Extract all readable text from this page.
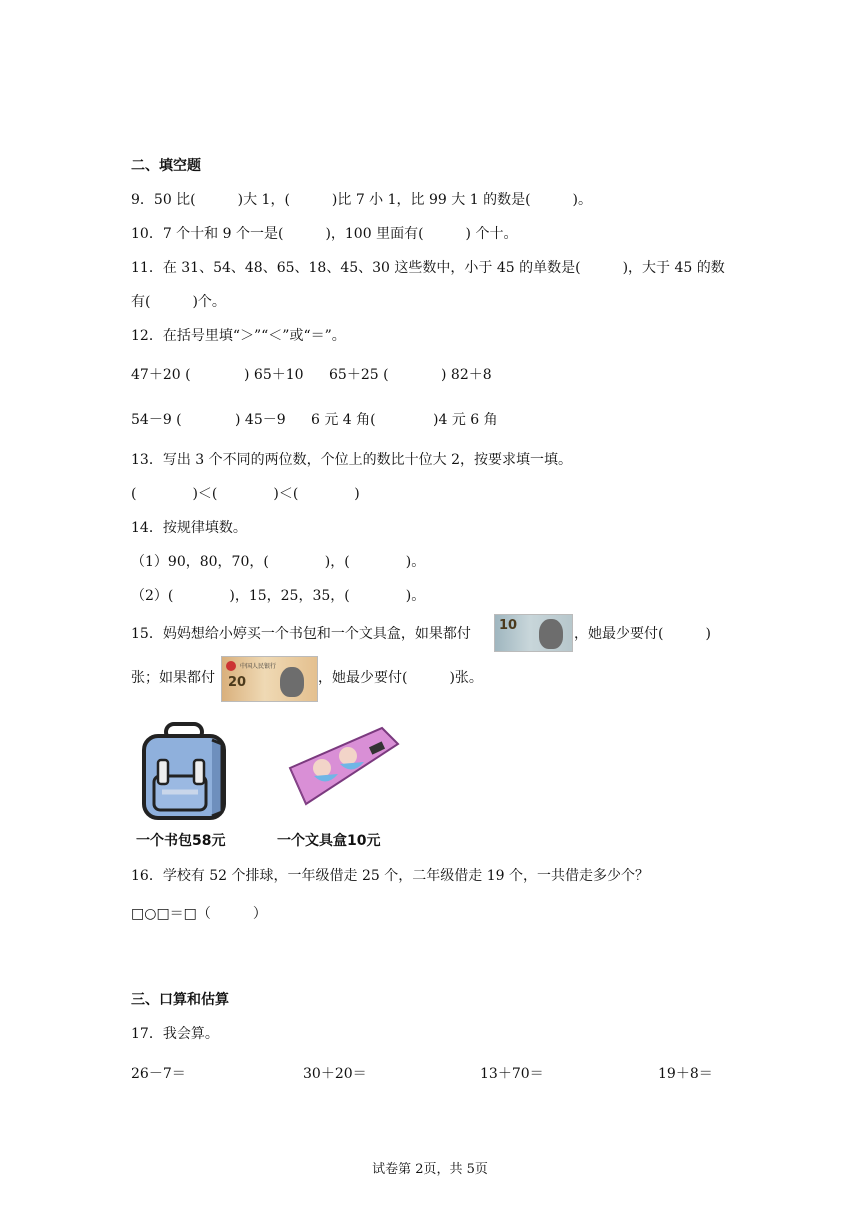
二、填空题
9．50 比(　　　)大 1，(　　　)比 7 小 1，比 99 大 1 的数是(　　　)。
10．7 个十和 9 个一是(　　　)，100 里面有(　　　) 个十。
11．在 31、54、48、65、18、45、30 这些数中，小于 45 的单数是(　　　)，大于 45 的数
有(　　　)个。
12．在括号里填“＞”“＜”或“＝”。
47＋20 (	) 65＋10 65＋25 (	) 82＋8
54－9 (	) 45－9 6 元 4 角(	)4 元 6 角
13．写出 3 个不同的两位数，个位上的数比十位大 2，按要求填一填。
(　　　　)＜(　　　　)＜(　　　　)
14．按规律填数。
（1）90，80，70，(　　　　)，(　　　　)。
（2）(　　　　)，15，25，35，(　　　　)。
15．妈妈想给小婷买一个书包和一个文具盒，如果都付
10
，她最少要付(　　　)
张；如果都付
中国人民银行
20	，她最少要付(　　　)张。
一个书包58元	一个文具盒10元
16．学校有 52 个排球，一年级借走 25 个，二年级借走 19 个，一共借走多少个？
□○□＝□（　　　）
三、口算和估算
17．我会算。
26－7＝	30＋20＝	13＋70＝	19＋8＝
试卷第 2页，共 5页
